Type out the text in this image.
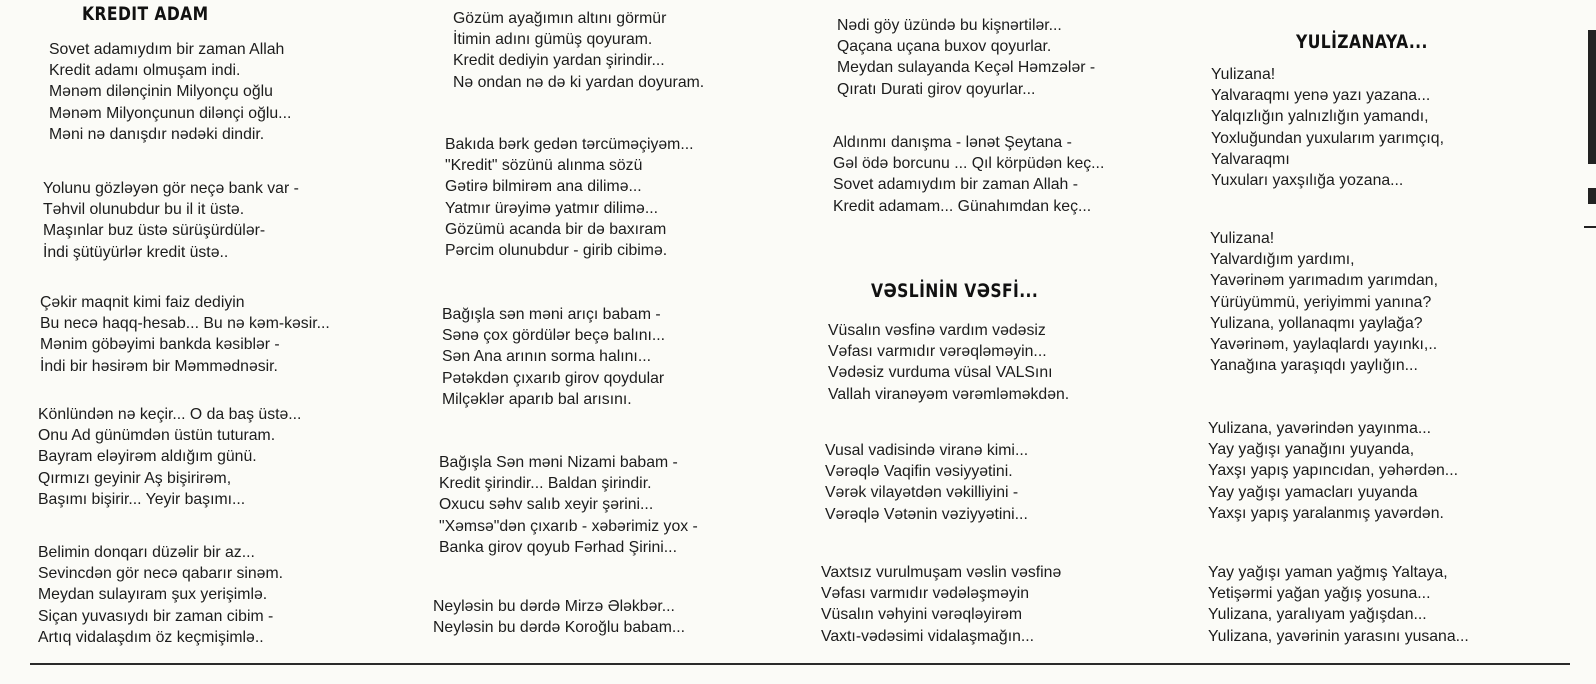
KREDIT ADAM
Sovet adamıydım bir zaman Allah
Kredit adamı olmuşam indi.
Mənəm dilənçinin Milyonçu oğlu
Mənəm Milyonçunun dilənçi oğlu...
Məni nə danışdır nədəki dindir.
Yolunu gözləyən gör neçə bank var -
Təhvil olunubdur bu il it üstə.
Maşınlar buz üstə sürüşürdülər-
İndi şütüyürlər kredit üstə..
Çəkir maqnit kimi faiz dediyin
Bu necə haqq-hesab... Bu nə kəm-kəsir...
Mənim göbəyimi bankda kəsiblər -
İndi bir həsirəm bir Məmmədnəsir.
Könlündən nə keçir... O da baş üstə...
Onu Ad günümdən üstün tuturam.
Bayram eləyirəm aldığım günü.
Qırmızı geyinir Aş bişirirəm,
Başımı bişirir... Yeyir başımı...
Belimin donqarı düzəlir bir az...
Sevincdən gör necə qabarır sinəm.
Meydan sulayıram şux yerişimlə.
Siçan yuvasıydı bir zaman cibim -
Artıq vidalaşdım öz keçmişimlə..
Gözüm ayağımın altını görmür
İtimin adını gümüş qoyuram.
Kredit dediyin yardan şirindir...
Nə ondan nə də ki yardan doyuram.
Bakıda bərk gedən tərcüməçiyəm...
"Kredit" sözünü alınma sözü
Gətirə bilmirəm ana dilimə...
Yatmır ürəyimə yatmır dilimə...
Gözümü acanda bir də baxıram
Pərcim olunubdur - girib cibimə.
Bağışla sən məni arıçı babam -
Sənə çox gördülər beçə balını...
Sən Ana arının sorma halını...
Pətəkdən çıxarıb girov qoydular
Milçəklər aparıb bal arısını.
Bağışla Sən məni Nizami babam -
Kredit şirindir... Baldan şirindir.
Oxucu səhv salıb xeyir şərini...
"Xəmsə"dən çıxarıb - xəbərimiz yox -
Banka girov qoyub Fərhad Şirini...
Neyləsin bu dərdə Mirzə Ələkbər...
Neyləsin bu dərdə Koroğlu babam...
Nədi göy üzündə bu kişnərtilər...
Qaçana uçana buxov qoyurlar.
Meydan sulayanda Keçəl Həmzələr -
Qıratı Durati girov qoyurlar...
Aldınmı danışma - lənət Şeytana -
Gəl ödə borcunu ... Qıl körpüdən keç...
Sovet adamıydım bir zaman Allah -
Kredit adamam... Günahımdan keç...
VƏSLİNİN VƏSFİ...
Vüsalın vəsfinə vardım vədəsiz
Vəfası varmıdır vərəqləməyin...
Vədəsiz vurduma vüsal VALSını
Vallah viranəyəm vərəmləməkdən.
Vusal vadisində viranə kimi...
Vərəqlə Vaqifin vəsiyyətini.
Vərək vilayətdən vəkilliyini -
Vərəqlə Vətənin vəziyyətini...
Vaxtsız vurulmuşam vəslin vəsfinə
Vəfası varmıdır vədələşməyin
Vüsalın vəhyini vərəqləyirəm
Vaxtı-vədəsimi vidalaşmağın...
YULİZANAYA...
Yulizana!
Yalvaraqmı yenə yazı yazana...
Yalqızlığın yalnızlığın yamandı,
Yoxluğundan yuxularım yarımçıq,
Yalvaraqmı
Yuxuları yaxşılığa yozana...
Yulizana!
Yalvardığım yardımı,
Yavərinəm yarımadım yarımdan,
Yürüyümmü, yeriyimmi yanına?
Yulizana, yollanaqmı yaylağa?
Yavərinəm, yaylaqlardı yayınkı,..
Yanağına yaraşıqdı yaylığın...
Yulizana, yavərindən yayınma...
Yay yağışı yanağını yuyanda,
Yaxşı yapış yapıncıdan, yəhərdən...
Yay yağışı yamacları yuyanda
Yaxşı yapış yaralanmış yavərdən.
Yay yağışı yaman yağmış Yaltaya,
Yetişərmi yağan yağış yosuna...
Yulizana, yaralıyam yağışdan...
Yulizana, yavərinin yarasını yusana...
